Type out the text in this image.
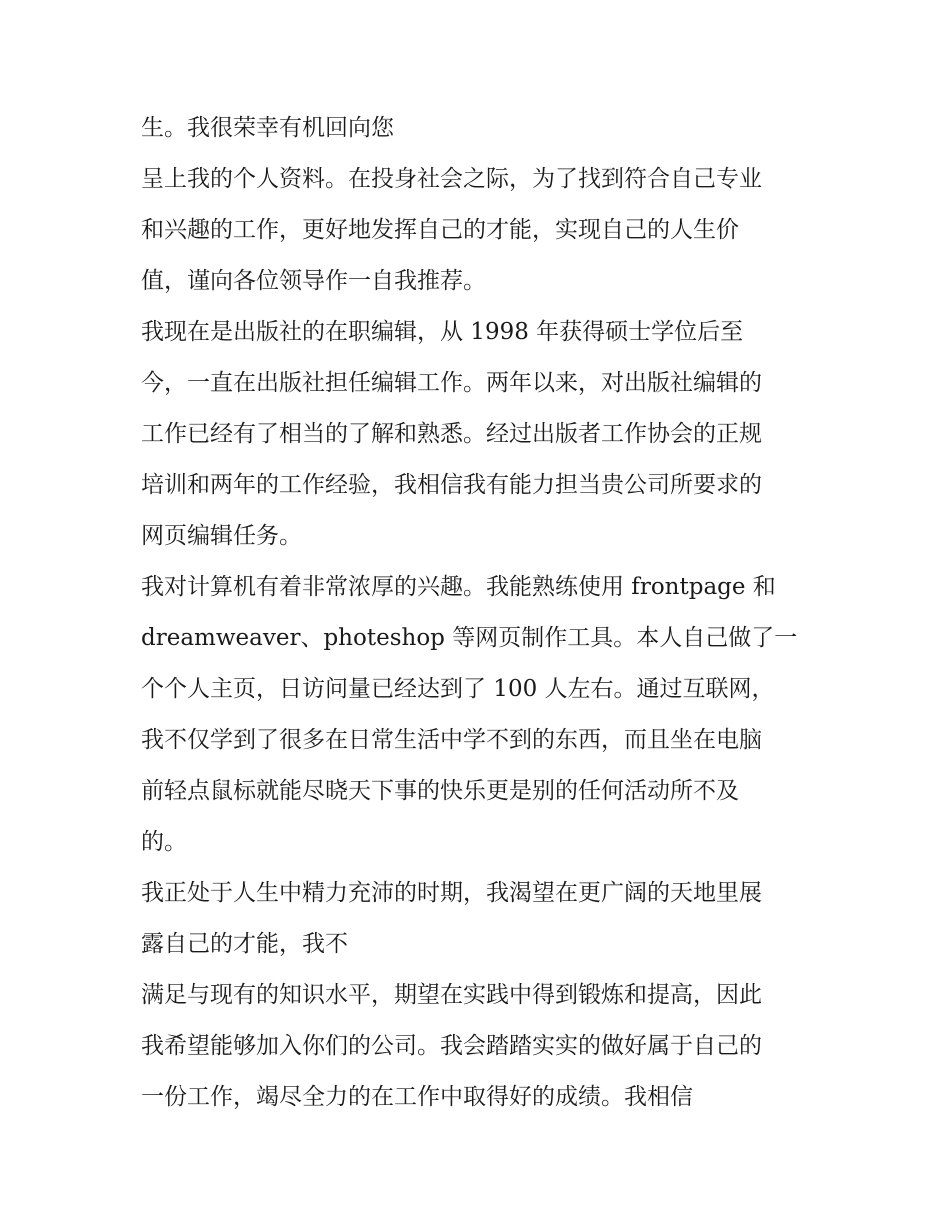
生。我很荣幸有机回向您
呈上我的个人资料。在投身社会之际，为了找到符合自己专业
和兴趣的工作，更好地发挥自己的才能，实现自己的人生价
值，谨向各位领导作一自我推荐。
我现在是出版社的在职编辑，从 1998 年获得硕士学位后至
今，一直在出版社担任编辑工作。两年以来，对出版社编辑的
工作已经有了相当的了解和熟悉。经过出版者工作协会的正规
培训和两年的工作经验，我相信我有能力担当贵公司所要求的
网页编辑任务。
我对计算机有着非常浓厚的兴趣。我能熟练使用 frontpage 和
dreamweaver、photeshop 等网页制作工具。本人自己做了一
个个人主页，日访问量已经达到了 100 人左右。通过互联网，
我不仅学到了很多在日常生活中学不到的东西，而且坐在电脑
前轻点鼠标就能尽晓天下事的快乐更是别的任何活动所不及
的。
我正处于人生中精力充沛的时期，我渴望在更广阔的天地里展
露自己的才能，我不
满足与现有的知识水平，期望在实践中得到锻炼和提高，因此
我希望能够加入你们的公司。我会踏踏实实的做好属于自己的
一份工作，竭尽全力的在工作中取得好的成绩。我相信
